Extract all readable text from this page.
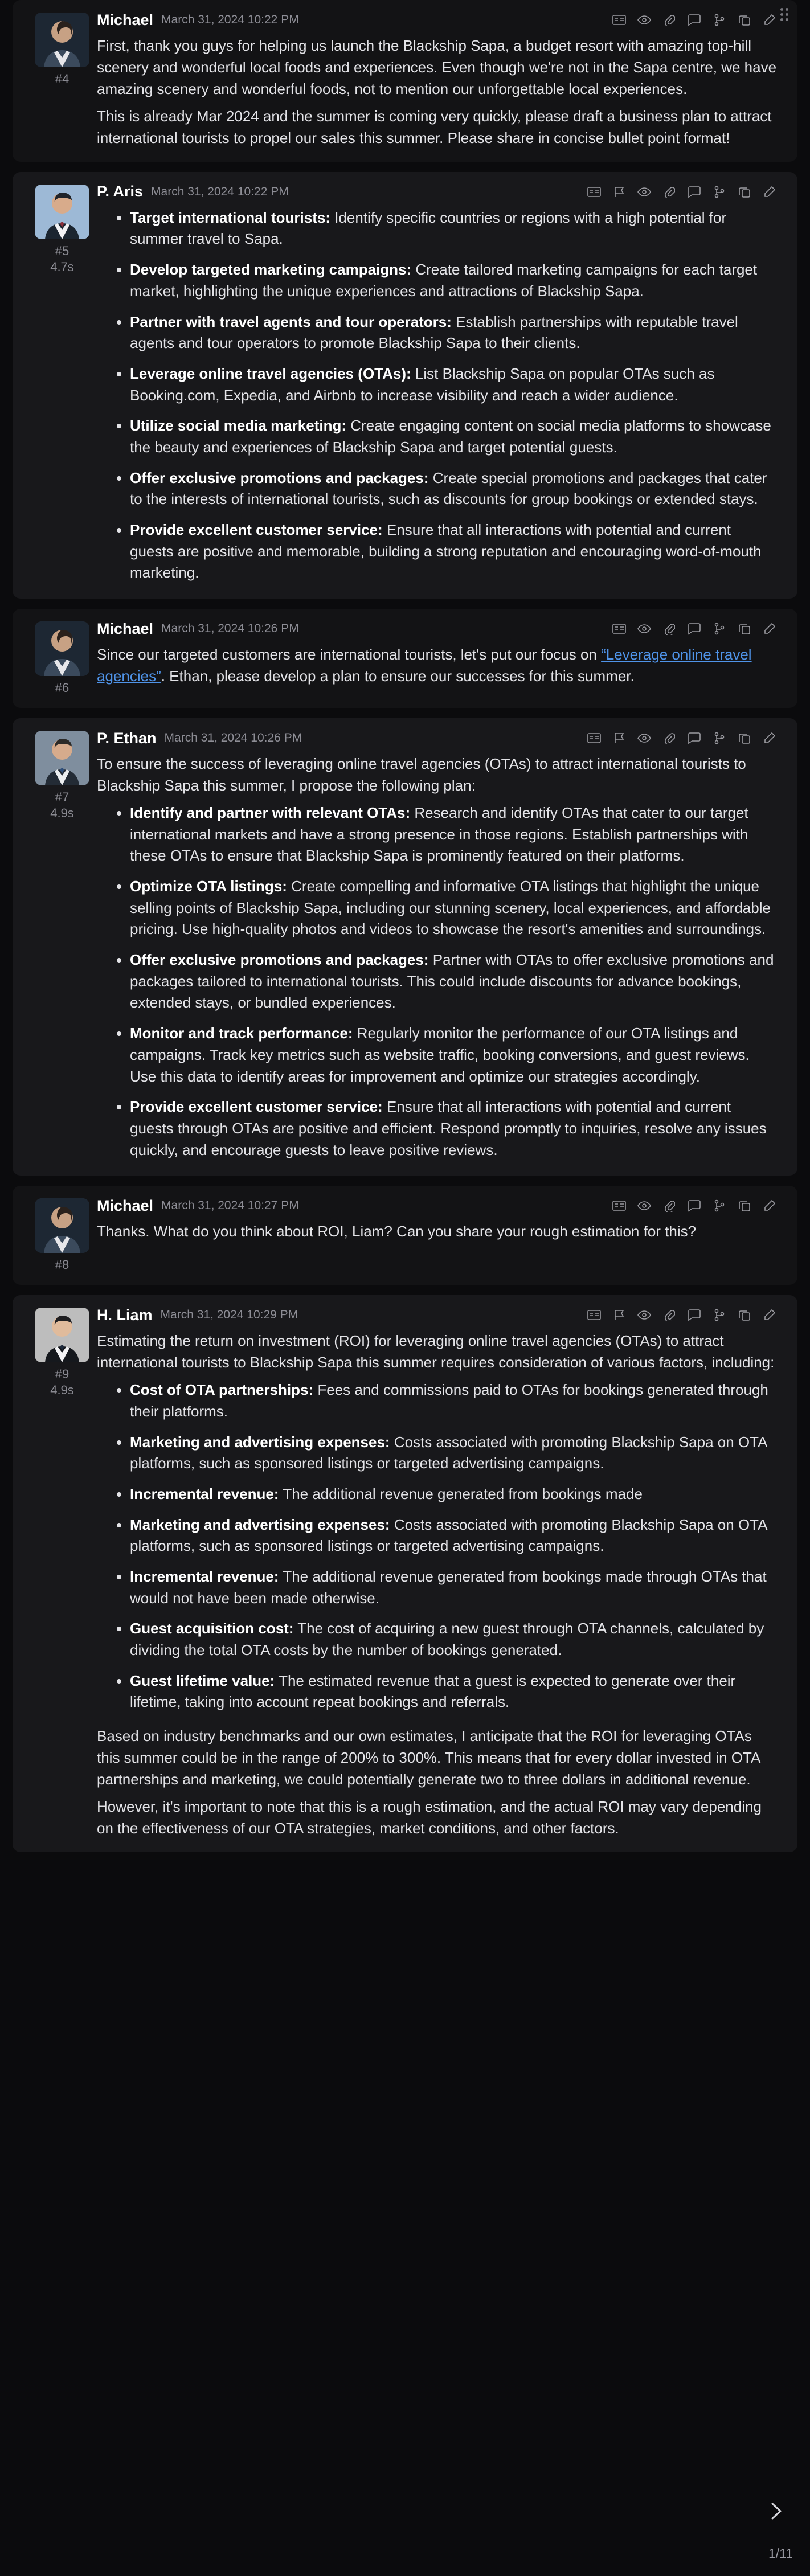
#4
Michael March 31, 2024 10:22 PM

First, thank you guys for helping us launch the Blackship Sapa, a budget resort with amazing top-hill scenery and wonderful local foods and experiences. Even though we're not in the Sapa centre, we have amazing scenery and wonderful foods, not to mention our unforgettable local experiences.

This is already Mar 2024 and the summer is coming very quickly, please draft a business plan to attract international tourists to propel our sales this summer. Please share in concise bullet point format!

#5
4.7s
P. Aris March 31, 2024 10:22 PM
• Target international tourists: Identify specific countries or regions with a high potential for summer travel to Sapa.
• Develop targeted marketing campaigns: Create tailored marketing campaigns for each target market, highlighting the unique experiences and attractions of Blackship Sapa.
• Partner with travel agents and tour operators: Establish partnerships with reputable travel agents and tour operators to promote Blackship Sapa to their clients.
• Leverage online travel agencies (OTAs): List Blackship Sapa on popular OTAs such as Booking.com, Expedia, and Airbnb to increase visibility and reach a wider audience.
• Utilize social media marketing: Create engaging content on social media platforms to showcase the beauty and experiences of Blackship Sapa and target potential guests.
• Offer exclusive promotions and packages: Create special promotions and packages that cater to the interests of international tourists, such as discounts for group bookings or extended stays.
• Provide excellent customer service: Ensure that all interactions with potential and current guests are positive and memorable, building a strong reputation and encouraging word-of-mouth marketing.
#6
Michael March 31, 2024 10:26 PM

Since our targeted customers are international tourists, let's put our focus on “Leverage online travel agencies”. Ethan, please develop a plan to ensure our successes for this summer.

#7
4.9s
P. Ethan March 31, 2024 10:26 PM

To ensure the success of leveraging online travel agencies (OTAs) to attract international tourists to Blackship Sapa this summer, I propose the following plan:

• Identify and partner with relevant OTAs: Research and identify OTAs that cater to our target international markets and have a strong presence in those regions. Establish partnerships with these OTAs to ensure that Blackship Sapa is prominently featured on their platforms.
• Optimize OTA listings: Create compelling and informative OTA listings that highlight the unique selling points of Blackship Sapa, including our stunning scenery, local experiences, and affordable pricing. Use high-quality photos and videos to showcase the resort's amenities and surroundings.
• Offer exclusive promotions and packages: Partner with OTAs to offer exclusive promotions and packages tailored to international tourists. This could include discounts for advance bookings, extended stays, or bundled experiences.
• Monitor and track performance: Regularly monitor the performance of our OTA listings and campaigns. Track key metrics such as website traffic, booking conversions, and guest reviews. Use this data to identify areas for improvement and optimize our strategies accordingly.
• Provide excellent customer service: Ensure that all interactions with potential and current guests through OTAs are positive and efficient. Respond promptly to inquiries, resolve any issues quickly, and encourage guests to leave positive reviews.
#8
Michael March 31, 2024 10:27 PM

Thanks. What do you think about ROI, Liam? Can you share your rough estimation for this?

#9
4.9s
H. Liam March 31, 2024 10:29 PM

Estimating the return on investment (ROI) for leveraging online travel agencies (OTAs) to attract international tourists to Blackship Sapa this summer requires consideration of various factors, including:

• Cost of OTA partnerships: Fees and commissions paid to OTAs for bookings generated through their platforms.
• Marketing and advertising expenses: Costs associated with promoting Blackship Sapa on OTA platforms, such as sponsored listings or targeted advertising campaigns.
• Incremental revenue: The additional revenue generated from bookings made
• Marketing and advertising expenses: Costs associated with promoting Blackship Sapa on OTA platforms, such as sponsored listings or targeted advertising campaigns.
• Incremental revenue: The additional revenue generated from bookings made through OTAs that would not have been made otherwise.
• Guest acquisition cost: The cost of acquiring a new guest through OTA channels, calculated by dividing the total OTA costs by the number of bookings generated.
• Guest lifetime value: The estimated revenue that a guest is expected to generate over their lifetime, taking into account repeat bookings and referrals.

Based on industry benchmarks and our own estimates, I anticipate that the ROI for leveraging OTAs this summer could be in the range of 200% to 300%. This means that for every dollar invested in OTA partnerships and marketing, we could potentially generate two to three dollars in additional revenue.

However, it's important to note that this is a rough estimation, and the actual ROI may vary depending on the effectiveness of our OTA strategies, market conditions, and other factors.

1/11
